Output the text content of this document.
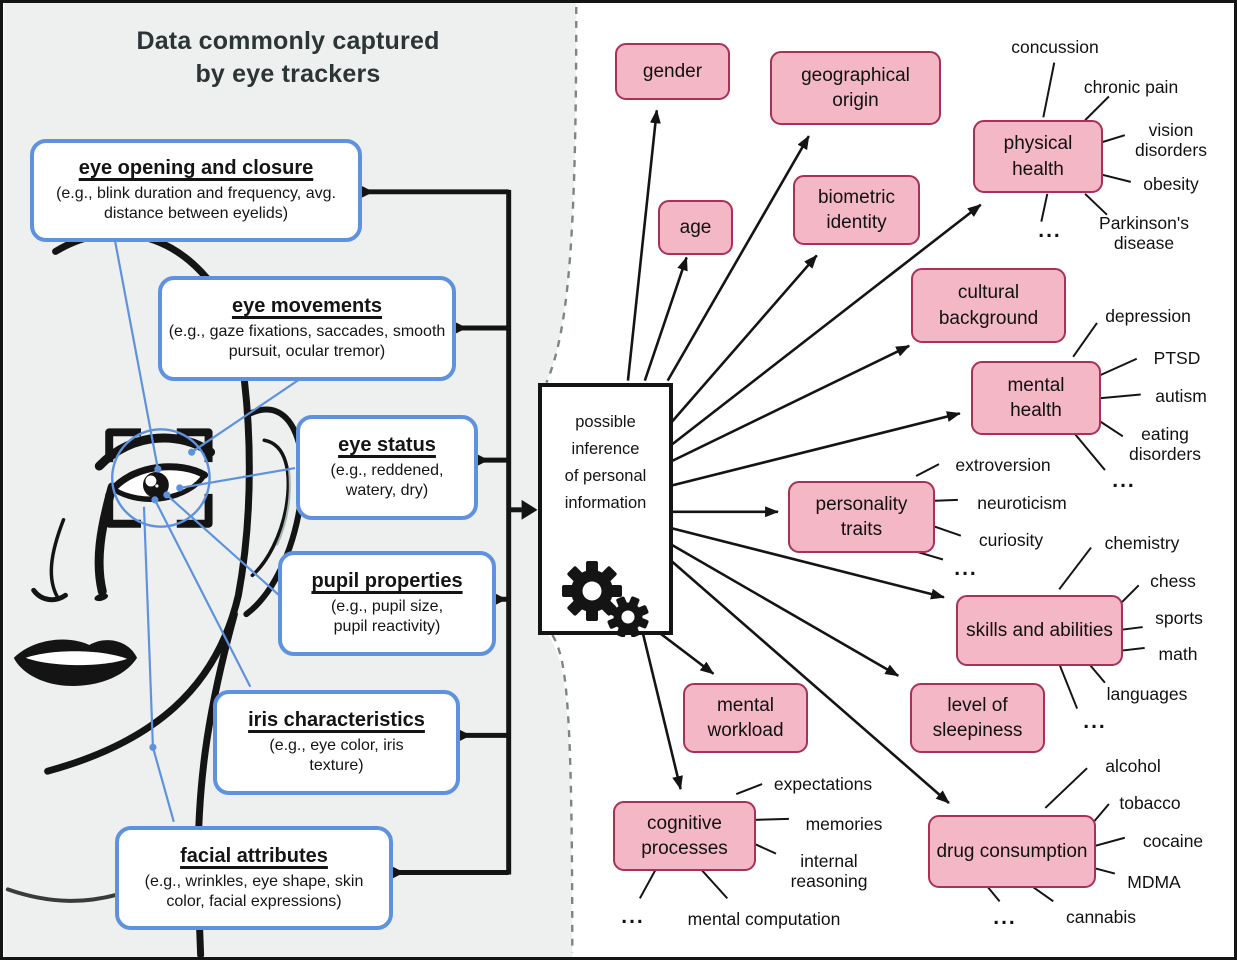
Data commonly captured
by eye trackers
eye opening and closure

(e.g., blink duration and frequency, avg. distance between eyelids)

eye movements

(e.g., gaze fixations, saccades, smooth pursuit, ocular tremor)

eye status

(e.g., reddened, watery, dry)

pupil properties

(e.g., pupil size, pupil reactivity)

iris characteristics

(e.g., eye color, iris texture)

facial attributes

(e.g., wrinkles, eye shape, skin color, facial expressions)

possible
inference
of personal
information
gender	geographical origin
age
biometric identity
physical health
cultural background
mental health
personality traits
skills and abilities
mental workload
level of sleepiness
cognitive processes	drug consumption
concussion
chronic pain
vision disorders
obesity
Parkinson's disease
...
depression
PTSD
autism
eating disorders
...
extroversion
neuroticism
curiosity
...
chemistry
chess
sports
math
languages
...
expectations
memories
internal reasoning
mental computation
...
alcohol
tobacco
cocaine
MDMA
cannabis
...
